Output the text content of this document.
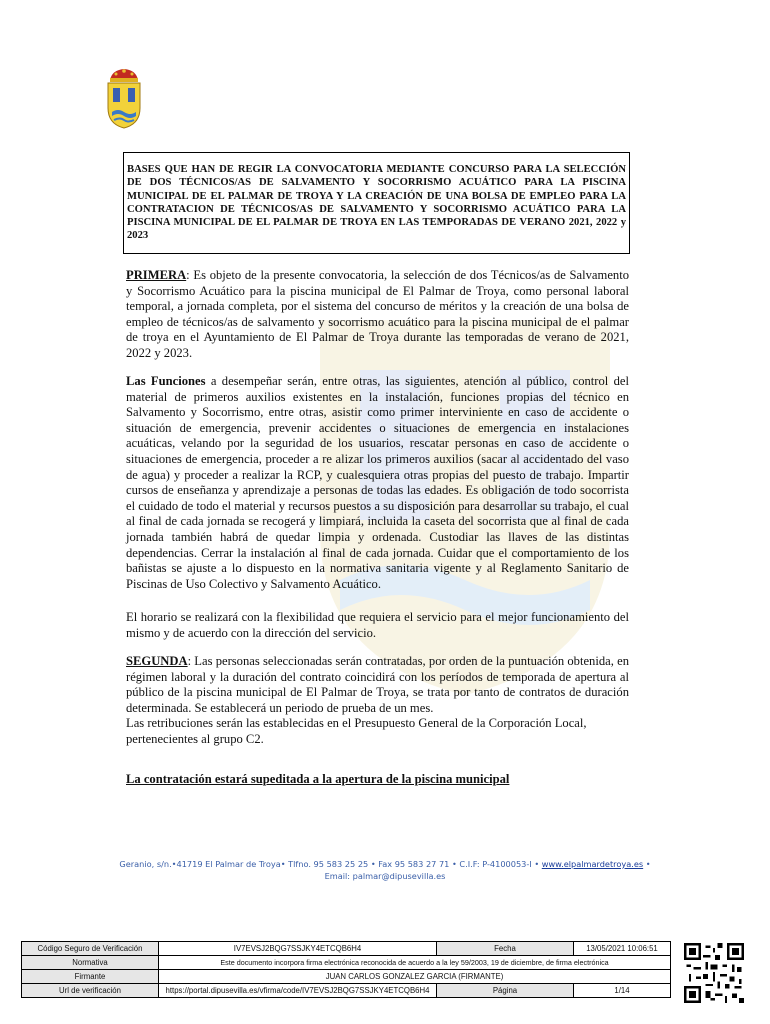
BASES QUE HAN DE REGIR LA CONVOCATORIA MEDIANTE CONCURSO PARA LA SELECCIÓN DE DOS TÉCNICOS/AS DE SALVAMENTO Y SOCORRISMO ACUÁTICO PARA LA PISCINA MUNICIPAL DE EL PALMAR DE TROYA Y LA CREACIÓN DE UNA BOLSA DE EMPLEO PARA LA CONTRATACION DE TÉCNICOS/AS DE SALVAMENTO Y SOCORRISMO ACUÁTICO PARA LA PISCINA MUNICIPAL DE EL PALMAR DE TROYA EN LAS TEMPORADAS DE VERANO 2021, 2022 y 2023

PRIMERA: Es objeto de la presente convocatoria, la selección de dos Técnicos/as de Salvamento y Socorrismo Acuático para la piscina municipal de El Palmar de Troya, como personal laboral temporal, a jornada completa, por el sistema del concurso de méritos y la creación de una bolsa de empleo de técnicos/as de salvamento y socorrismo acuático para la piscina municipal de el palmar de troya en el Ayuntamiento de El Palmar de Troya durante las temporadas de verano de 2021, 2022 y 2023.

Las Funciones a desempeñar serán, entre otras, las siguientes, atención al público, control del material de primeros auxilios existentes en la instalación, funciones propias del técnico en Salvamento y Socorrismo, entre otras, asistir como primer interviniente en caso de accidente o situación de emergencia, prevenir accidentes o situaciones de emergencia en instalaciones acuáticas, velando por la seguridad de los usuarios, rescatar personas en caso de accidente o situaciones de emergencia, proceder a re alizar los primeros auxilios (sacar al accidentado del vaso de agua) y proceder a realizar la RCP, y cualesquiera otras propias del puesto de trabajo. Impartir cursos de enseñanza y aprendizaje a personas de todas las edades. Es obligación de todo socorrista el cuidado de todo el material y recursos puestos a su disposición para desarrollar su trabajo, el cual al final de cada jornada se recogerá y limpiará, incluida la caseta del socorrista que al final de cada jornada también habrá de quedar limpia y ordenada. Custodiar las llaves de las distintas dependencias. Cerrar la instalación al final de cada jornada. Cuidar que el comportamiento de los bañistas se ajuste a lo dispuesto en la normativa sanitaria vigente y al Reglamento Sanitario de Piscinas de Uso Colectivo y Salvamento Acuático.

El horario se realizará con la flexibilidad que requiera el servicio para el mejor funcionamiento del mismo y de acuerdo con la dirección del servicio.

SEGUNDA: Las personas seleccionadas serán contratadas, por orden de la puntuación obtenida, en régimen laboral y la duración del contrato coincidirá con los períodos de temporada de apertura al público de la piscina municipal de El Palmar de Troya, se trata por tanto de contratos de duración determinada. Se establecerá un periodo de prueba de un mes.

Las retribuciones serán las establecidas en el Presupuesto General de la Corporación Local, pertenecientes al grupo C2.

La contratación estará supeditada a la apertura de la piscina municipal

Geranio, s/n.•41719 El Palmar de Troya• Tlfno. 95 583 25 25 • Fax 95 583 27 71 • C.I.F: P-4100053-I • www.elpalmardetroya.es •
Email: palmar@dipusevilla.es
Código Seguro de Verificación	IV7EVSJ2BQG7SSJKY4ETCQB6H4	Fecha	13/05/2021 10:06:51
Normativa	Este documento incorpora firma electrónica reconocida de acuerdo a la ley 59/2003, 19 de diciembre, de firma electrónica		
Firmante	JUAN CARLOS GONZALEZ GARCIA (FIRMANTE)		
Url de verificación	https://portal.dipusevilla.es/vfirma/code/IV7EVSJ2BQG7SSJKY4ETCQB6H4	Página	1/14
